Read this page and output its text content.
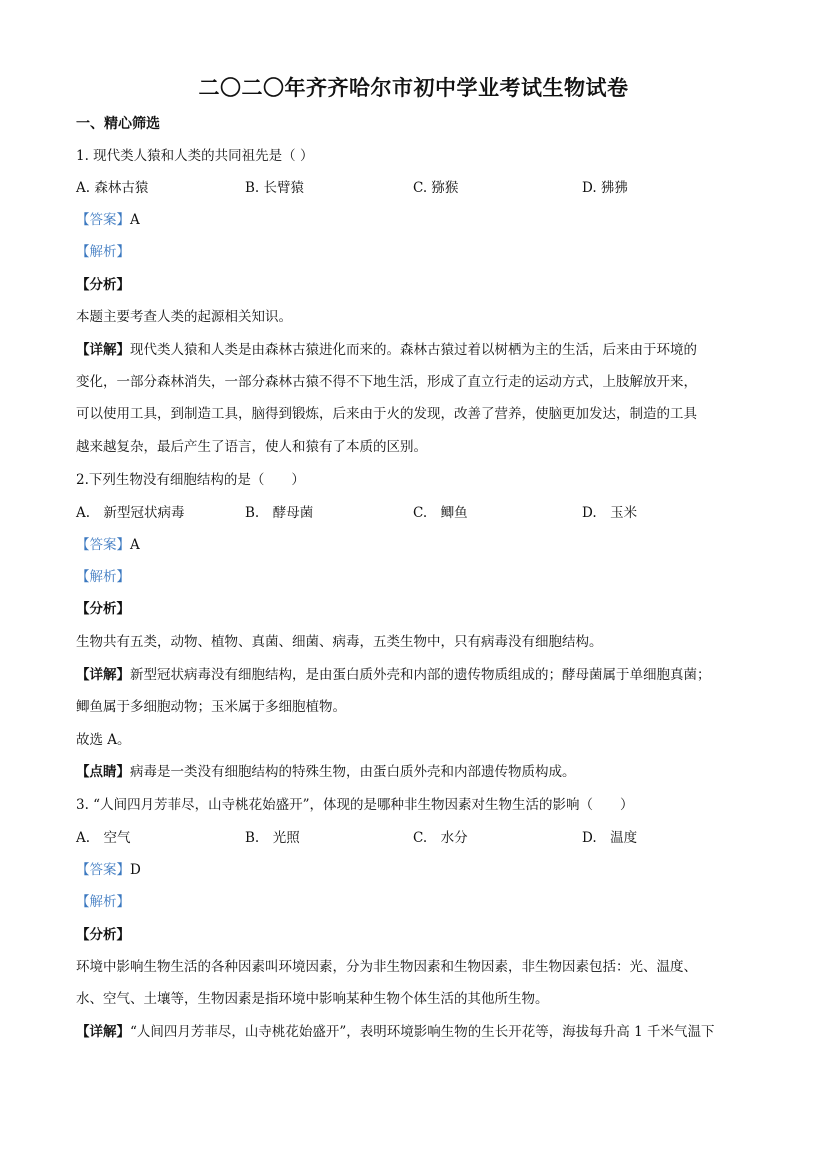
二〇二〇年齐齐哈尔市初中学业考试生物试卷
一、精心筛选
1. 现代类人猿和人类的共同祖先是（ ）
A. 森林古猿	B. 长臂猿	C. 猕猴	D. 狒狒
【答案】A
【解析】
【分析】
本题主要考查人类的起源相关知识。
【详解】现代类人猿和人类是由森林古猿进化而来的。森林古猿过着以树栖为主的生活，后来由于环境的
变化，一部分森林消失，一部分森林古猿不得不下地生活，形成了直立行走的运动方式，上肢解放开来，
可以使用工具，到制造工具，脑得到锻炼，后来由于火的发现，改善了营养，使脑更加发达，制造的工具
越来越复杂，最后产生了语言，使人和猿有了本质的区别。
2.下列生物没有细胞结构的是（　　）
A.　新型冠状病毒	B.　酵母菌	C.　鲫鱼	D.　玉米
【答案】A
【解析】
【分析】
生物共有五类，动物、植物、真菌、细菌、病毒，五类生物中，只有病毒没有细胞结构。
【详解】新型冠状病毒没有细胞结构，是由蛋白质外壳和内部的遗传物质组成的；酵母菌属于单细胞真菌；
鲫鱼属于多细胞动物；玉米属于多细胞植物。
故选 A。
【点睛】病毒是一类没有细胞结构的特殊生物，由蛋白质外壳和内部遗传物质构成。
3. “人间四月芳菲尽，山寺桃花始盛开”，体现的是哪种非生物因素对生物生活的影响（　　）
A.　空气	B.　光照	C.　水分	D.　温度
【答案】D
【解析】
【分析】
环境中影响生物生活的各种因素叫环境因素，分为非生物因素和生物因素，非生物因素包括：光、温度、
水、空气、土壤等，生物因素是指环境中影响某种生物个体生活的其他所生物。
【详解】“人间四月芳菲尽，山寺桃花始盛开”，表明环境影响生物的生长开花等，海拔每升高 1 千米气温下
